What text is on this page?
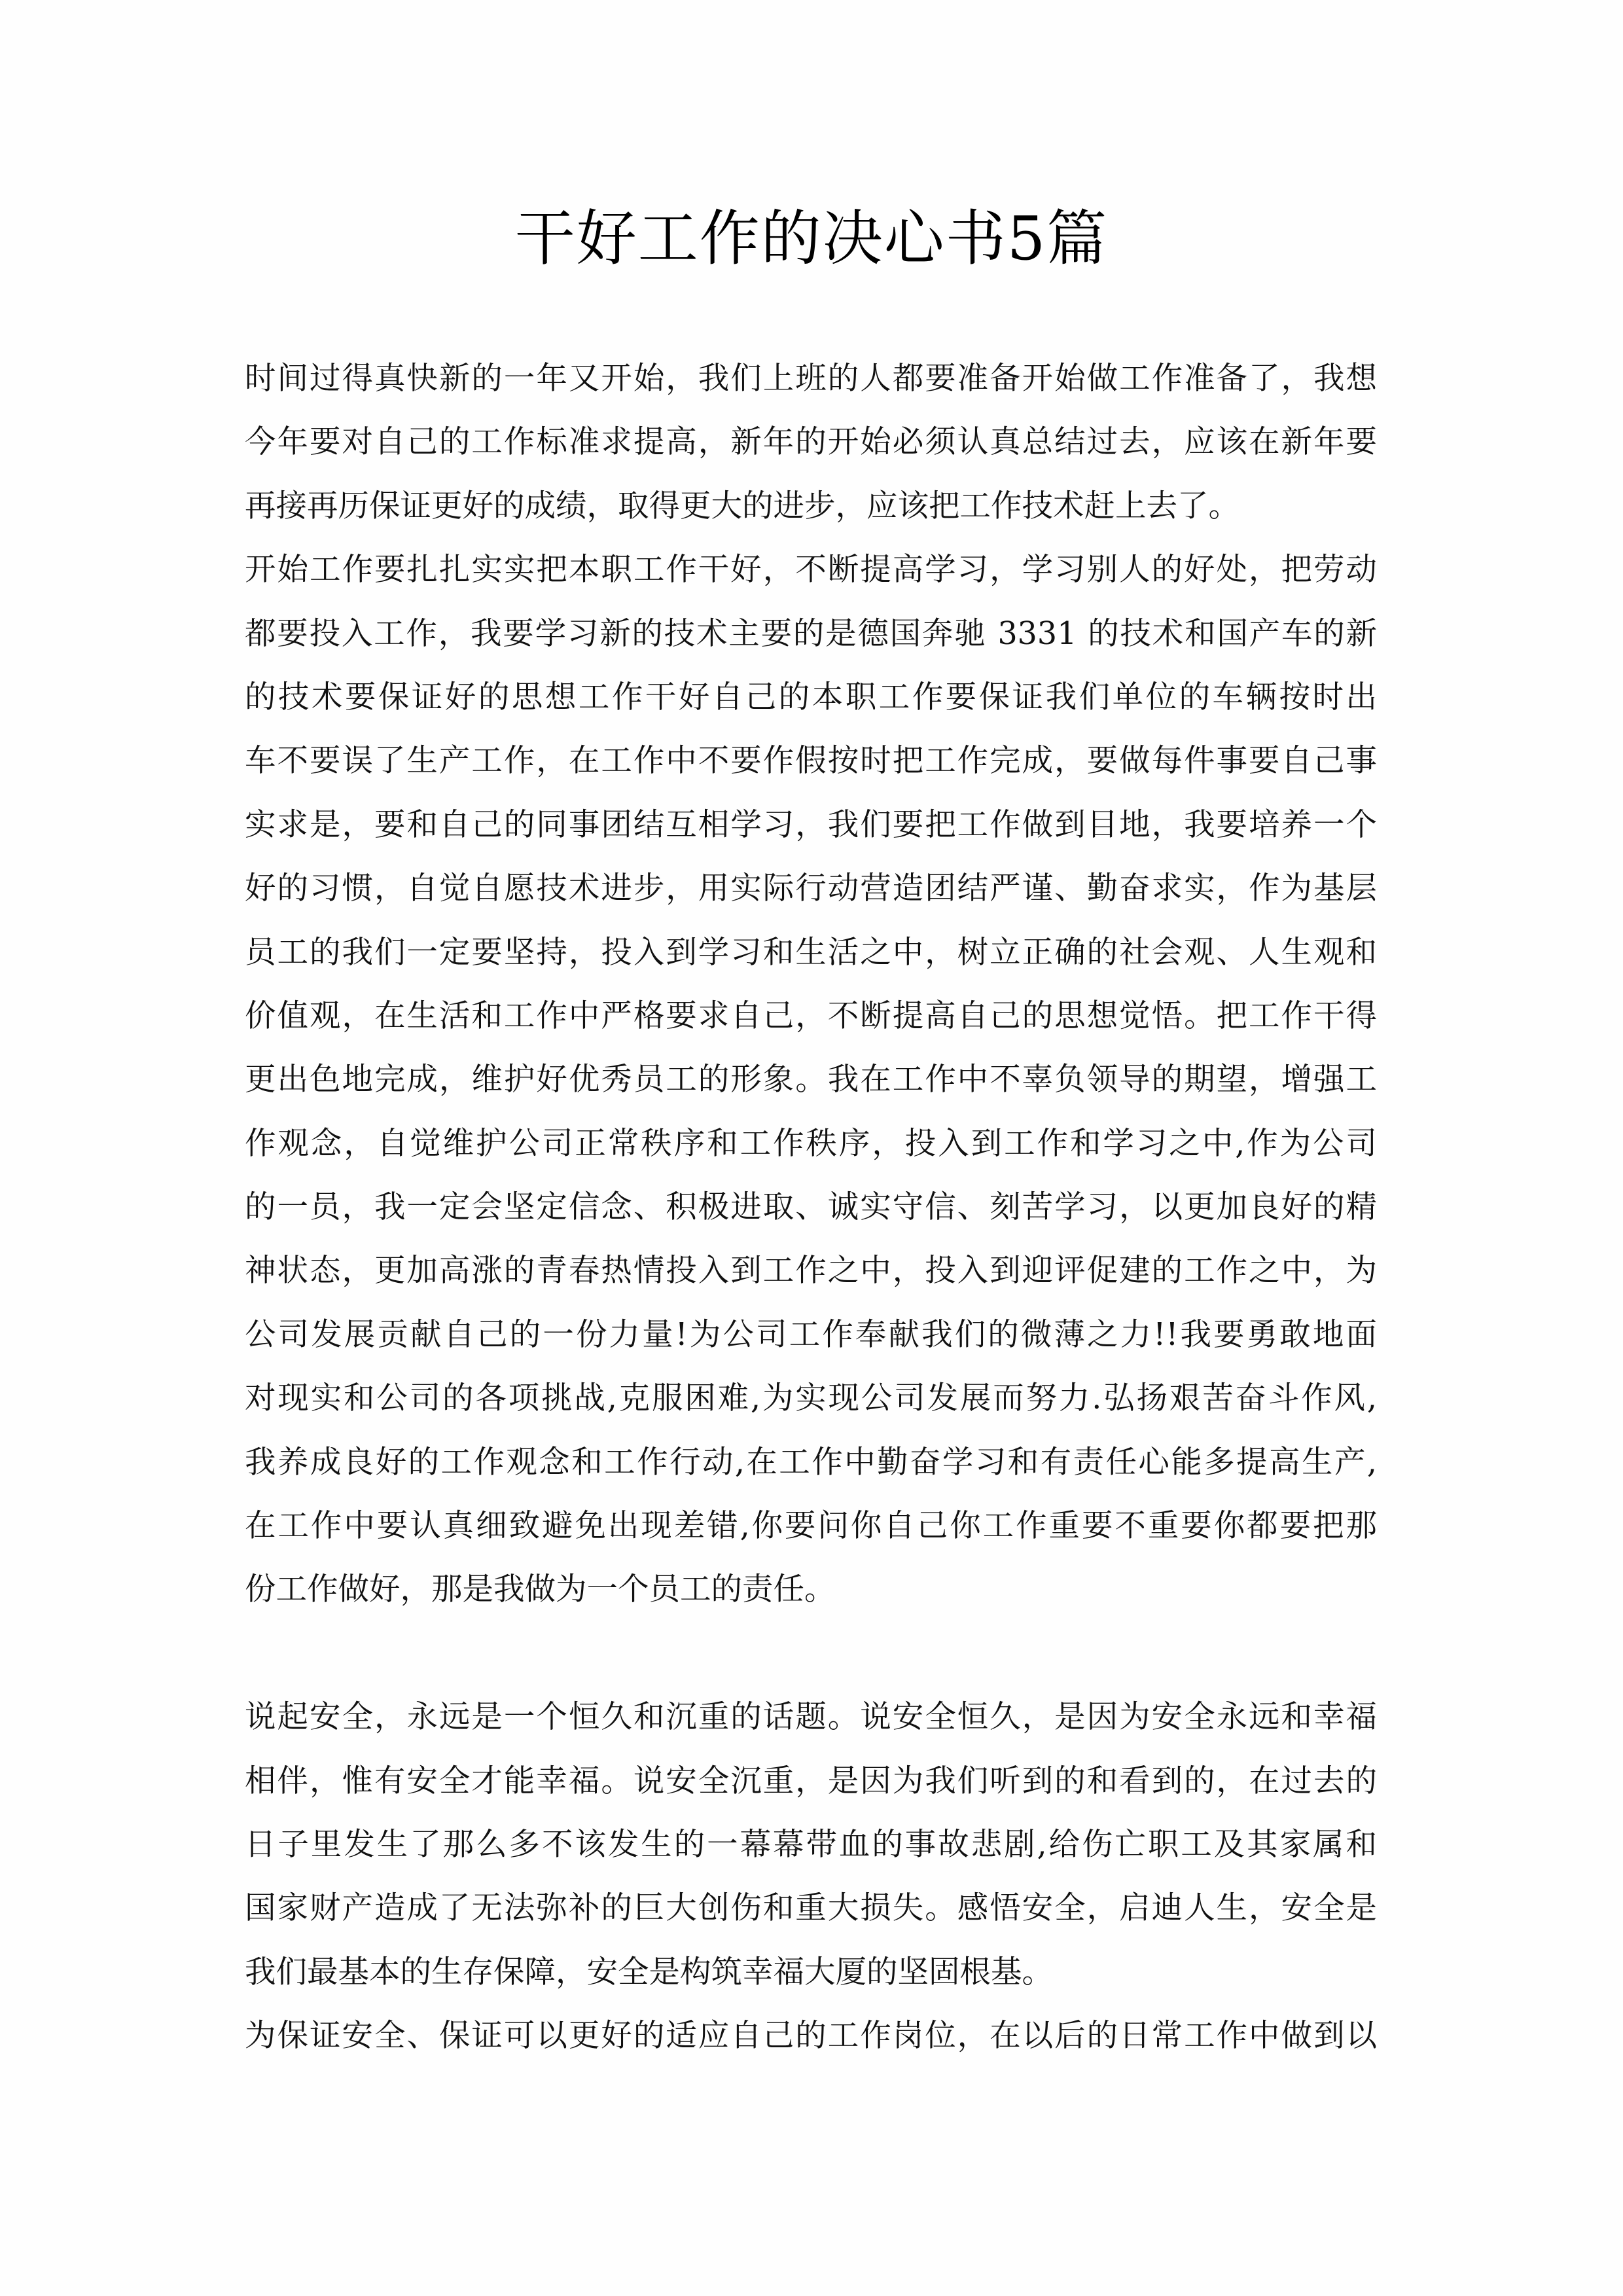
干好工作的决心书5篇
时间过得真快新的一年又开始，我们上班的人都要准备开始做工作准备了，我想
今年要对自己的工作标准求提高，新年的开始必须认真总结过去，应该在新年要
再接再历保证更好的成绩，取得更大的进步，应该把工作技术赶上去了。
开始工作要扎扎实实把本职工作干好，不断提高学习，学习别人的好处，把劳动
都要投入工作，我要学习新的技术主要的是德国奔驰 3331 的技术和国产车的新
的技术要保证好的思想工作干好自己的本职工作要保证我们单位的车辆按时出
车不要误了生产工作，在工作中不要作假按时把工作完成，要做每件事要自己事
实求是，要和自己的同事团结互相学习，我们要把工作做到目地，我要培养一个
好的习惯，自觉自愿技术进步，用实际行动营造团结严谨、勤奋求实，作为基层
员工的我们一定要坚持，投入到学习和生活之中，树立正确的社会观、人生观和
价值观，在生活和工作中严格要求自己，不断提高自己的思想觉悟。把工作干得
更出色地完成，维护好优秀员工的形象。我在工作中不辜负领导的期望，增强工
作观念，自觉维护公司正常秩序和工作秩序，投入到工作和学习之中,作为公司
的一员，我一定会坚定信念、积极进取、诚实守信、刻苦学习，以更加良好的精
神状态，更加高涨的青春热情投入到工作之中，投入到迎评促建的工作之中，为
公司发展贡献自己的一份力量!为公司工作奉献我们的微薄之力!!我要勇敢地面
对现实和公司的各项挑战,克服困难,为实现公司发展而努力.弘扬艰苦奋斗作风,
我养成良好的工作观念和工作行动,在工作中勤奋学习和有责任心能多提高生产,
在工作中要认真细致避免出现差错,你要问你自己你工作重要不重要你都要把那
份工作做好，那是我做为一个员工的责任。
说起安全，永远是一个恒久和沉重的话题。说安全恒久，是因为安全永远和幸福
相伴，惟有安全才能幸福。说安全沉重，是因为我们听到的和看到的，在过去的
日子里发生了那么多不该发生的一幕幕带血的事故悲剧,给伤亡职工及其家属和
国家财产造成了无法弥补的巨大创伤和重大损失。感悟安全，启迪人生，安全是
我们最基本的生存保障，安全是构筑幸福大厦的坚固根基。
为保证安全、保证可以更好的适应自己的工作岗位，在以后的日常工作中做到以
